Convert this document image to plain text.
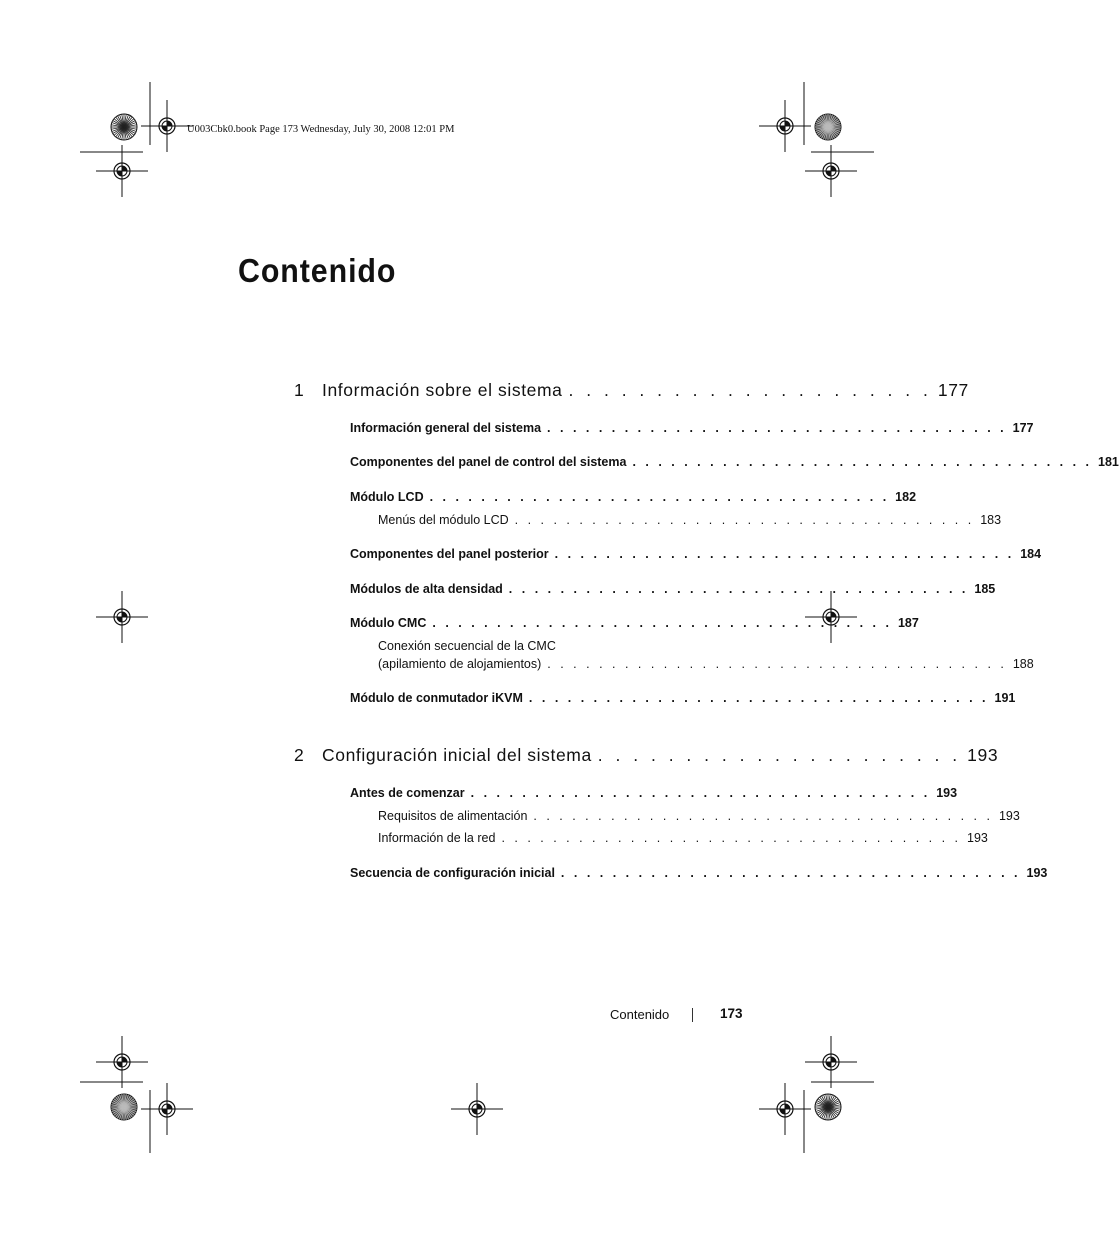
U003Cbk0.book Page 173 Wednesday, July 30, 2008 12:01 PM
Contenido
1	Información sobre el sistema . . . . . . . . . . . . . . . . . . . . . 177
Información general del sistema . . . . . . . . . . . . . . . . . . . . . . . . . . . . . . . . . . . . 177
Componentes del panel de control del sistema . . . . . . . . . . . . . . . . . . . . . . . . . . . . . . . . . . . . 181
Módulo LCD . . . . . . . . . . . . . . . . . . . . . . . . . . . . . . . . . . . . 182
Menús del módulo LCD . . . . . . . . . . . . . . . . . . . . . . . . . . . . . . . . . . . . 183
Componentes del panel posterior . . . . . . . . . . . . . . . . . . . . . . . . . . . . . . . . . . . . 184
Módulos de alta densidad . . . . . . . . . . . . . . . . . . . . . . . . . . . . . . . . . . . . 185
Módulo CMC . . . . . . . . . . . . . . . . . . . . . . . . . . . . . . . . . . . . 187
Conexión secuencial de la CMC
(apilamiento de alojamientos) . . . . . . . . . . . . . . . . . . . . . . . . . . . . . . . . . . . . 188
Módulo de conmutador iKVM . . . . . . . . . . . . . . . . . . . . . . . . . . . . . . . . . . . . 191
2	Configuración inicial del sistema . . . . . . . . . . . . . . . . . . . . . 193
Antes de comenzar . . . . . . . . . . . . . . . . . . . . . . . . . . . . . . . . . . . . 193
Requisitos de alimentación . . . . . . . . . . . . . . . . . . . . . . . . . . . . . . . . . . . . 193
Información de la red . . . . . . . . . . . . . . . . . . . . . . . . . . . . . . . . . . . . 193
Secuencia de configuración inicial . . . . . . . . . . . . . . . . . . . . . . . . . . . . . . . . . . . . 193
Contenido	173
